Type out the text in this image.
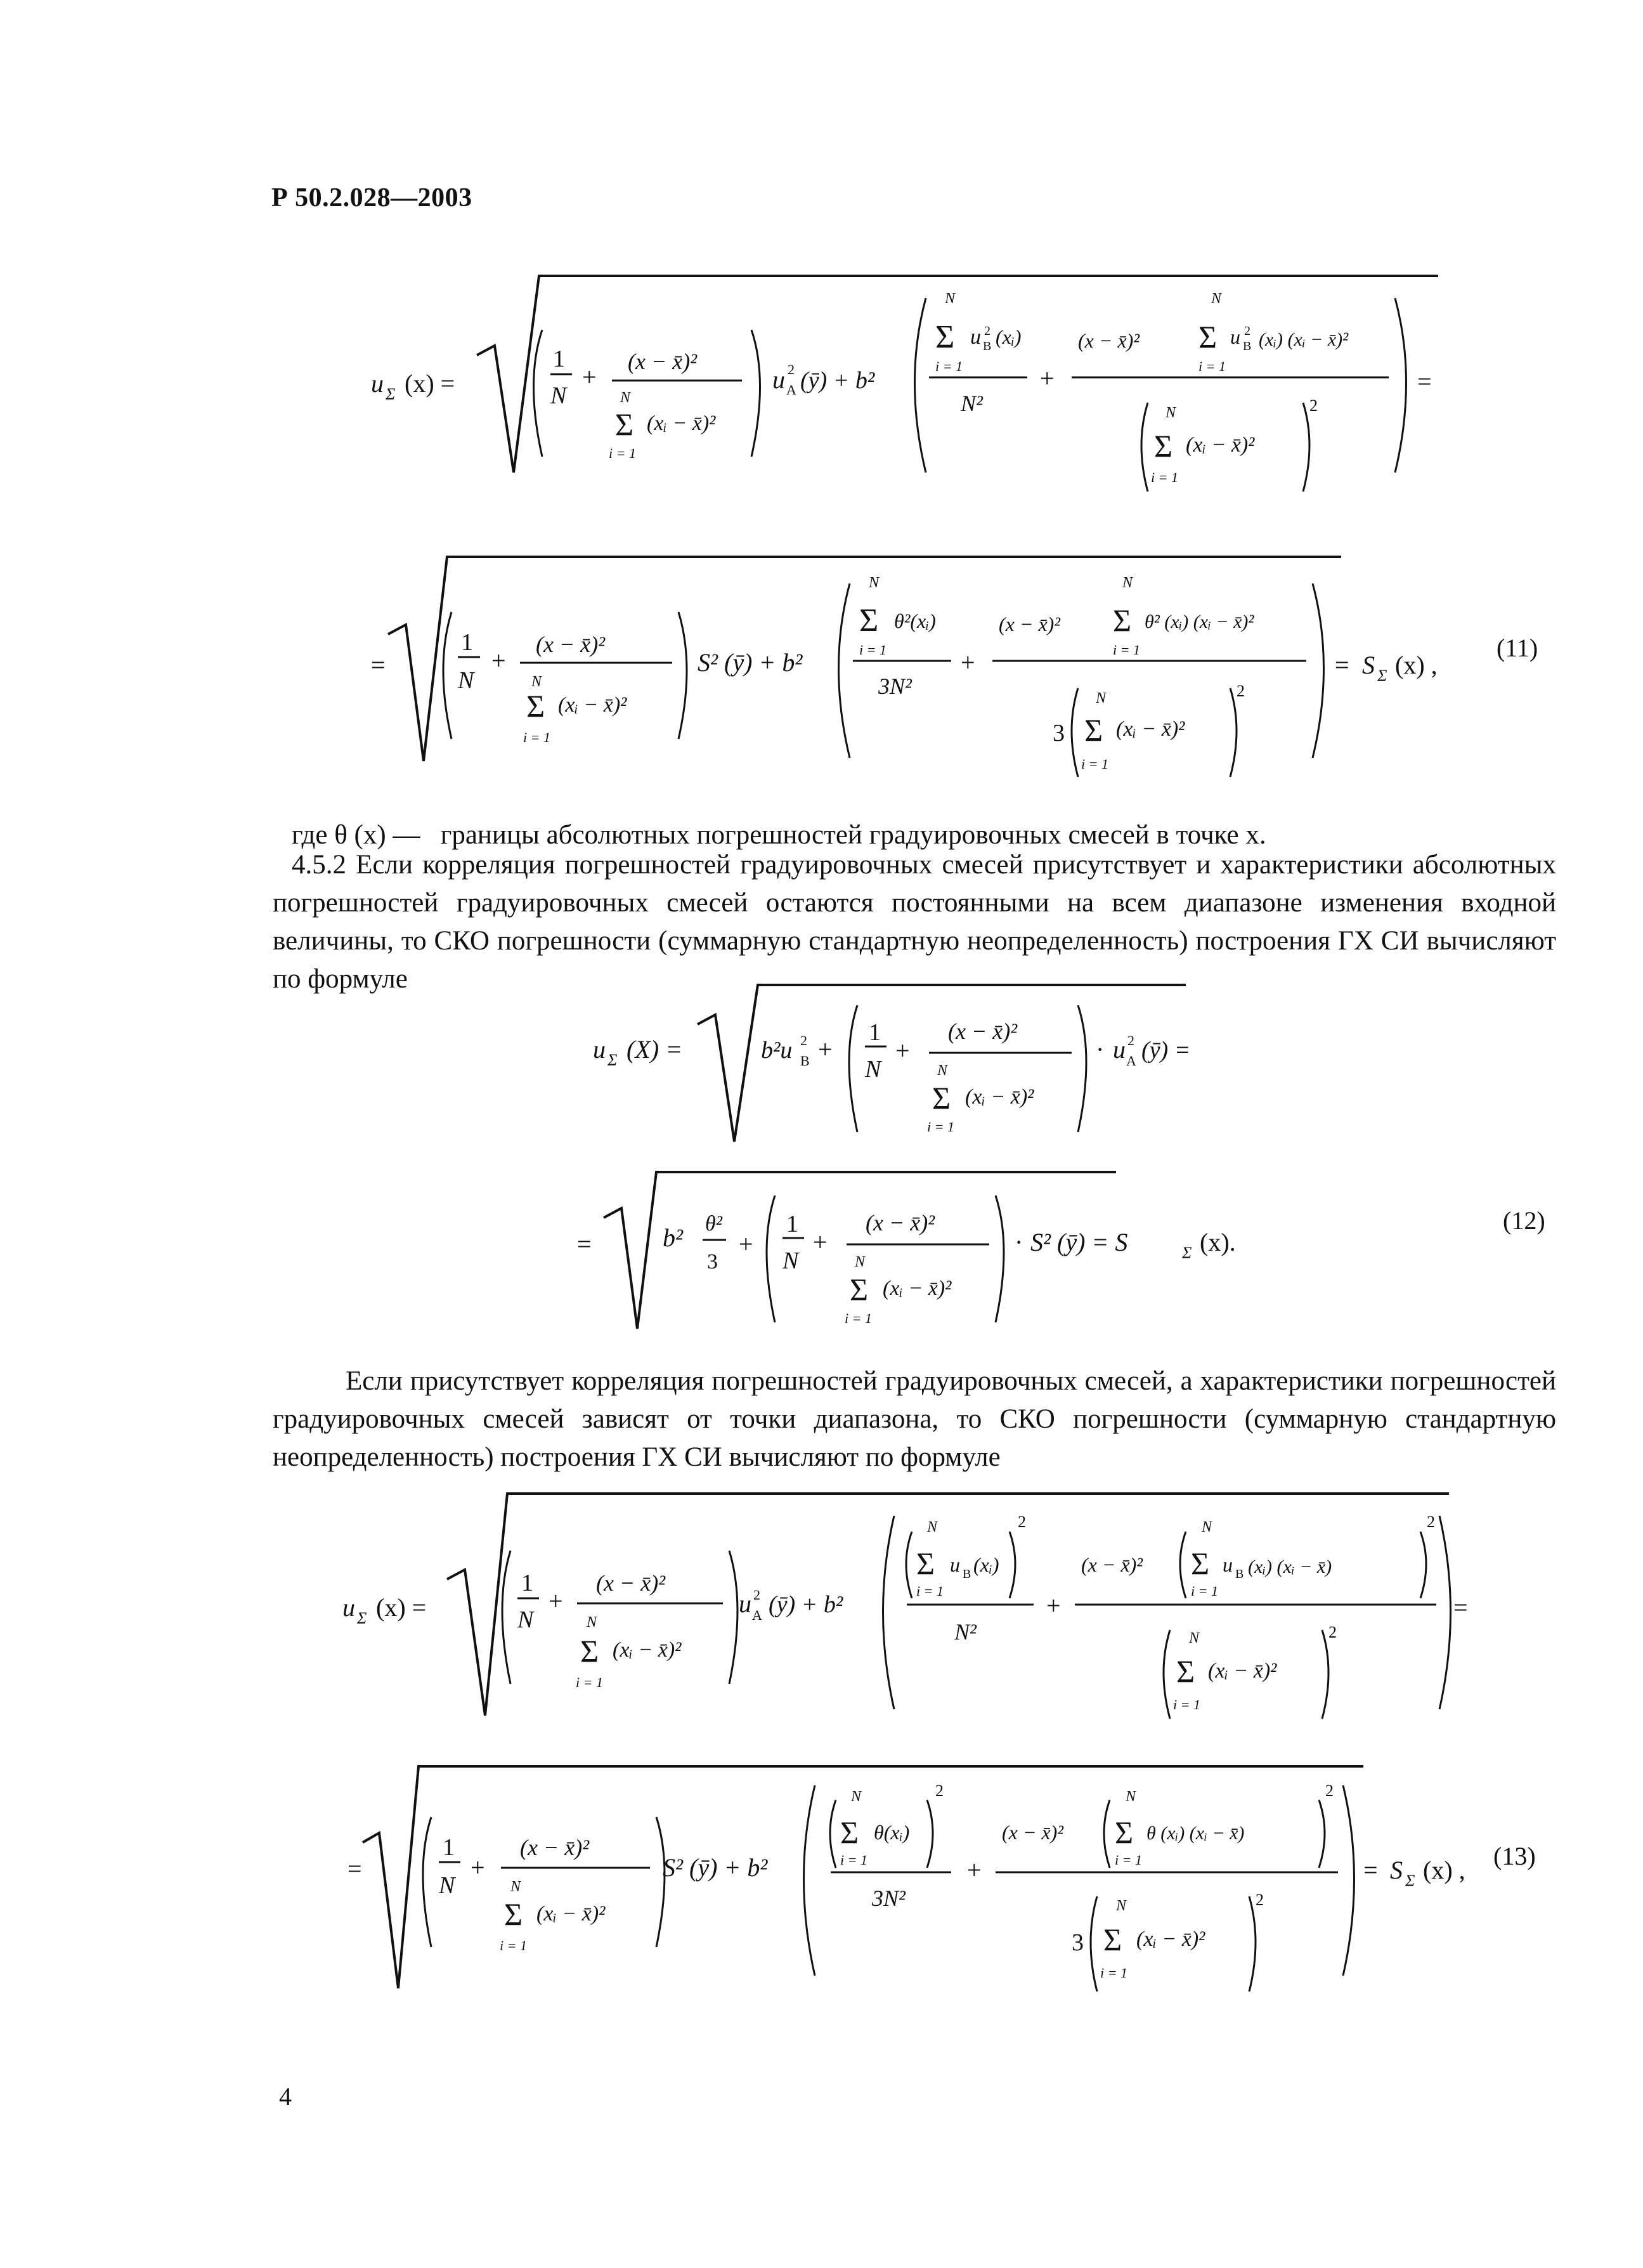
Р 50.2.028—2003
u Σ (x) =
1
N
+
(x − x̄)²
N
Σ (xᵢ − x̄)²
i = 1
u 2
A (ȳ) + b²
N
Σ u 2
B (xᵢ)
i = 1
N²
+
N
(x − x̄)² Σ u 2
B (xᵢ) (xᵢ − x̄)²
i = 1
N
Σ (xᵢ − x̄)²
i = 1
2
=
=
1
N
+
(x − x̄)²
N
Σ (xᵢ − x̄)²
i = 1
S² (ȳ) + b²
N
Σ θ²(xᵢ)
i = 1
3N²
+
N
(x − x̄)² Σ θ² (xᵢ) (xᵢ − x̄)²
i = 1
3
N
Σ (xᵢ − x̄)²
i = 1
2
= S Σ (x) ,
(11)
где θ (x) — границы абсолютных погрешностей градуировочных смесей в точке x.
4.5.2 Если корреляция погрешностей градуировочных смесей присутствует и характеристики абсолютных погрешностей градуировочных смесей остаются постоянными на всем диапазоне изменения входной величины, то СКО погрешности (суммарную стандартную неопределенность) построения ГХ СИ вычисляют по формуле
u Σ (X) =	b²u 2
B +
1
N
+
(x − x̄)²
N
Σ (xᵢ − x̄)²
i = 1
· u 2
A (ȳ) =
=	b² θ²
3
+
1
N
+
(x − x̄)²
N
Σ (xᵢ − x̄)²
i = 1
· S² (ȳ) = S	Σ (x).
(12)
Если присутствует корреляция погрешностей градуировочных смесей, а характеристики погрешностей градуировочных смесей зависят от точки диапазона, то СКО погрешности (суммарную стандартную неопределенность) построения ГХ СИ вычисляют по формуле
u Σ (x) =
1
N
+
(x − x̄)²
N
Σ (xᵢ − x̄)²
i = 1
u 2
A (ȳ) + b²
N
Σ u B (xᵢ)
i = 1
2
N²
+
(x − x̄)²
N
Σ u B (xᵢ) (xᵢ − x̄)
i = 1
2
N
Σ (xᵢ − x̄)²
i = 1
2
=
=
1
N
+
(x − x̄)²
N
Σ (xᵢ − x̄)²
i = 1
S² (ȳ) + b²
N
Σ θ(xᵢ)
i = 1
2
3N²
+
(x − x̄)²
N
Σ θ (xᵢ) (xᵢ − x̄)
i = 1
2
3
N
Σ (xᵢ − x̄)²
i = 1
2
= S Σ (x) , (13)
4
